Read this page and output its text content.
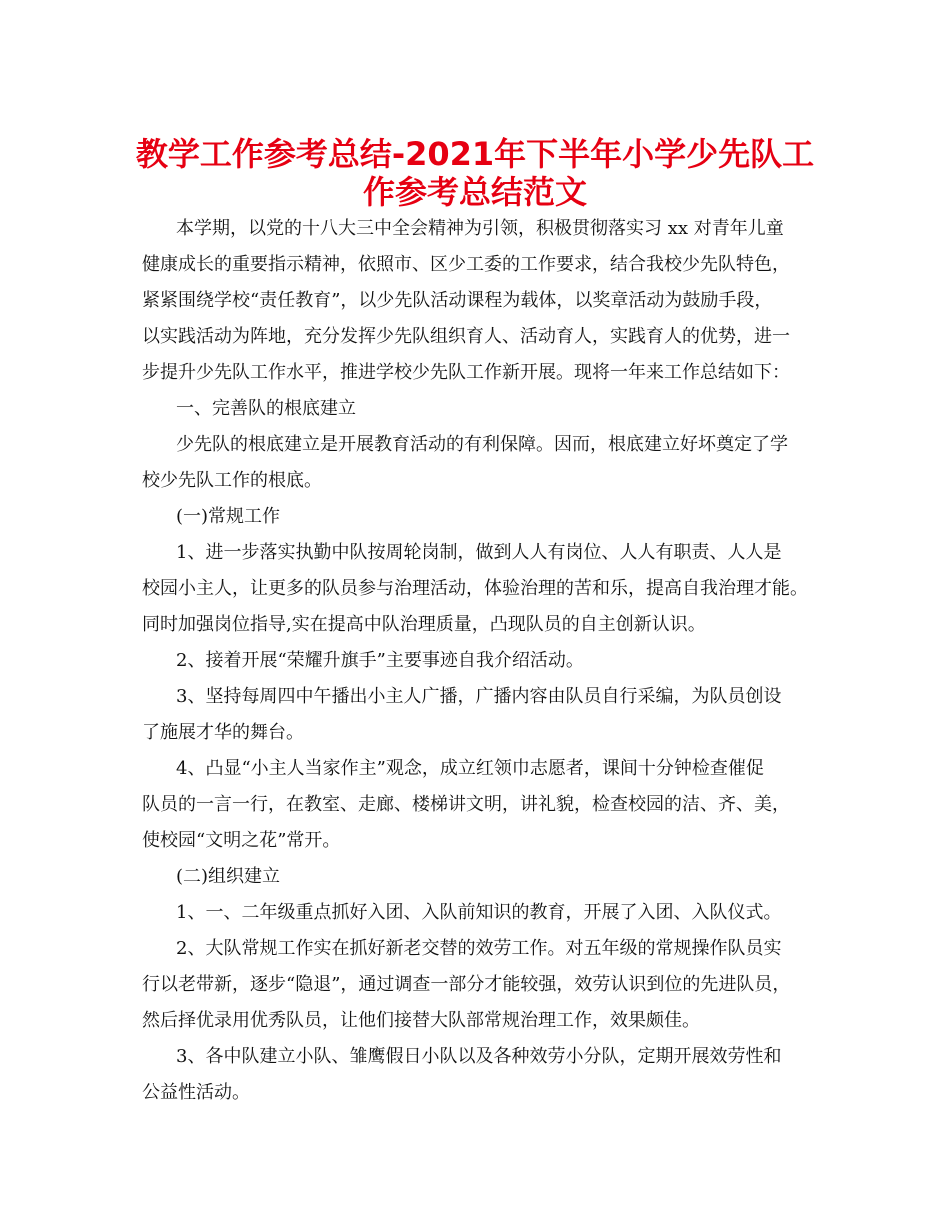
教学工作参考总结-2021年下半年小学少先队工
作参考总结范文

本学期，以党的十八大三中全会精神为引领，积极贯彻落实习 xx 对青年儿童

健康成长的重要指示精神，依照市、区少工委的工作要求，结合我校少先队特色，

紧紧围绕学校“责任教育”，以少先队活动课程为载体，以奖章活动为鼓励手段，

以实践活动为阵地，充分发挥少先队组织育人、活动育人，实践育人的优势，进一

步提升少先队工作水平，推进学校少先队工作新开展。现将一年来工作总结如下：

一、完善队的根底建立

少先队的根底建立是开展教育活动的有利保障。因而，根底建立好坏奠定了学

校少先队工作的根底。

(一)常规工作

1、进一步落实执勤中队按周轮岗制，做到人人有岗位、人人有职责、人人是

校园小主人，让更多的队员参与治理活动，体验治理的苦和乐，提高自我治理才能。

同时加强岗位指导,实在提高中队治理质量，凸现队员的自主创新认识。

2、接着开展“荣耀升旗手”主要事迹自我介绍活动。

3、坚持每周四中午播出小主人广播，广播内容由队员自行采编，为队员创设

了施展才华的舞台。

4、凸显“小主人当家作主”观念，成立红领巾志愿者，课间十分钟检查催促

队员的一言一行，在教室、走廊、楼梯讲文明，讲礼貌，检查校园的洁、齐、美，

使校园“文明之花”常开。

(二)组织建立

1、一、二年级重点抓好入团、入队前知识的教育，开展了入团、入队仪式。

2、大队常规工作实在抓好新老交替的效劳工作。对五年级的常规操作队员实

行以老带新，逐步“隐退”，通过调查一部分才能较强，效劳认识到位的先进队员，

然后择优录用优秀队员，让他们接替大队部常规治理工作，效果颇佳。

3、各中队建立小队、雏鹰假日小队以及各种效劳小分队，定期开展效劳性和

公益性活动。
